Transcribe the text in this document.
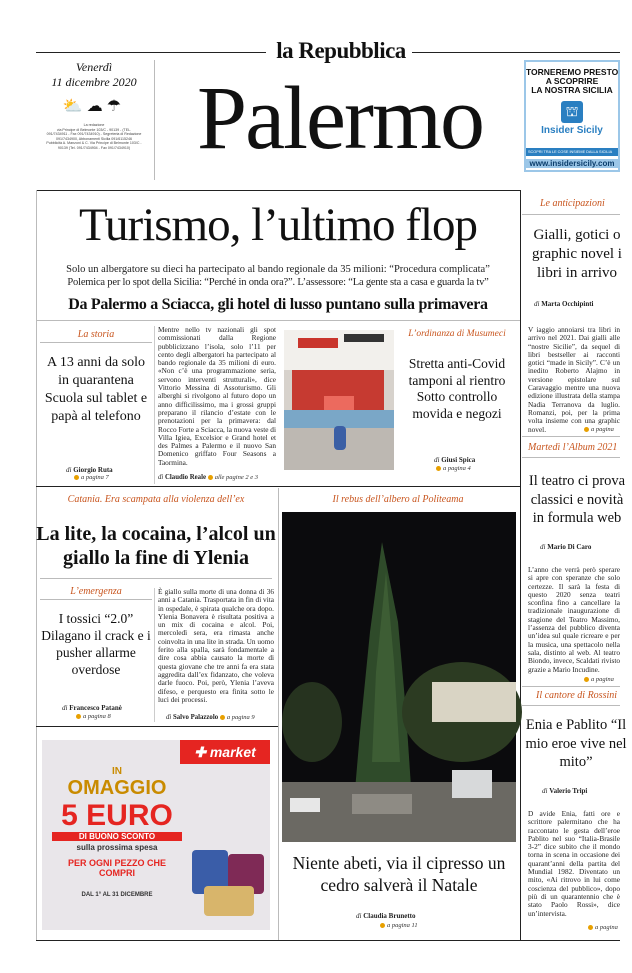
la Repubblica
Venerdì
11 dicembre 2020
⛅☁☂
La redazione
via Principe di Belmonte 103/C - 90139 - (TEL. 091/7434911 - Fax 091/7434910) - Segreteria di Redazione 091/7434900, Abbonamenti Sicilia 091/6115246
Pubblicità A. Manzoni & C. Via Principe di Belmonte 103/C - 90139 (Tel. 091/7434904 - Fax 091/7434910) Palermo	TORNEREMO PRESTO
A SCOPRIRE
LA NOSTRA SICILIA
⛫
Insider Sicily
SCOPRI TRA LE COSE INSIEME DALLA SICILIA
www.insidersicily.com
Turismo, l’ultimo flop
Solo un albergatore su dieci ha partecipato al bando regionale da 35 milioni: “Procedura complicata”
Polemica per lo spot della Sicilia: “Perché in onda ora?”. L’assessore: “La gente sta a casa e guarda la tv”
Da Palermo a Sciacca, gli hotel di lusso puntano sulla primavera
La storia
A 13 anni da solo in quarantena Scuola sul tablet e papà al telefono
di Giorgio Ruta
a pagina 7
Mentre nello tv nazionali gli spot commissionati dalla Regione pubblicizzano l’isola, solo l’11 per cento degli albergatori ha partecipato al bando regionale da 35 milioni di euro. «Non c’è una programmazione seria, servono interventi strutturali», dice Vittorio Messina di Assoturismo. Gli alberghi si rivolgono al futuro dopo un anno difficilissimo, ma i grossi gruppi preparano il rilancio d’estate con le prenotazioni per la primavera: dal Rocco Forte a Sciacca, la nuova veste di Villa Igiea, Excelsior e Grand hotel et des Palmes a Palermo e il nuovo San Domenico griffato Four Seasons a Taormina.
di Claudio Reale alle pagine 2 e 3
L’ordinanza di Musumeci
Stretta anti-Covid tamponi al rientro Sotto controllo movida e negozi
di Giusi Spica
a pagina 4
Catania. Era scampata alla violenza dell’ex
La lite, la cocaina, l’alcol un giallo la fine di Ylenia
L’emergenza
I tossici “2.0” Dilagano il crack e i pusher allarme overdose
di Francesco Patanè
a pagina 8
È giallo sulla morte di una donna di 36 anni a Catania. Trasportata in fin di vita in ospedale, è spirata qualche ora dopo. Ylenia Bonavera è risultata positiva a un mix di cocaina e alcol. Poi, mercoledì sera, era rimasta anche coinvolta in una lite in strada. Un uomo ferito alla spalla, sarà fondamentale a dire cosa abbia causato la morte di questa giovane che tre anni fa era stata aggredita dall’ex fidanzato, che voleva darle fuoco. Poi, però, Ylenia l’aveva difeso, e perquesto era finita sotto le luci dei processi.
di Salvo Palazzolo a pagina 9
Il rebus dell’albero al Politeama
Niente abeti, via il cipresso un cedro salverà il Natale
di Claudia Brunetto
a pagina 11
✚ market
IN
OMAGGIO
5 EURO
DI BUONO SCONTO
sulla prossima spesa
PER OGNI PEZZO CHE COMPRI
DAL 1° AL 31 DICEMBRE
Le anticipazioni
Gialli, gotici o graphic novel i libri in arrivo
di Marta Occhipinti
V iaggio annoiarsi tra libri in arrivo nel 2021. Dai gialli alle “nostre Sicilie”, da sequel di libri bestseller ai racconti gotici “made in Sicily”. C’è un inedito Roberto Alajmo in versione epistolare sul Caravaggio mentre una nuova edizione illustrata della stampa Nadia Terranova da luglio. Romanzi, poi, per la prima volta insieme con una graphic novel.	a pagina
Martedì l’Album 2021
Il teatro ci prova classici e novità in formula web
di Mario Di Caro
L’anno che verrà però sperare si apre con speranze che solo certezze. Il sarà la festa di questo 2020 senza teatri sconfina fino a cancellare la tradizionale inaugurazione di stagione del Teatro Massimo, l’assenza del pubblico diventa un’idea sul quale ricreare e per la musica, una spettacolo nella sala, distinto al web. Al teatro Biondo, invece, Scaldati rivisto grazie a Mario Incudine.
a pagina
Il cantore di Rossini
Enia e Pablito “Il mio eroe vive nel mito”
di Valerio Tripi
D avide Enia, fatti ore e scrittore palermitano che ha raccontato le gesta dell’eroe Pablito nel suo “Italia-Brasile 3-2” dice subito che il mondo torna in scena in occasione dei quarant’anni della partita del Mundial 1982. Diventato un mito, «Ai ritrovo in lui come coscienza del pubblico», dopo più di un quarantennio che è stato Paolo Rossi», dice un’intervista.
a pagina
